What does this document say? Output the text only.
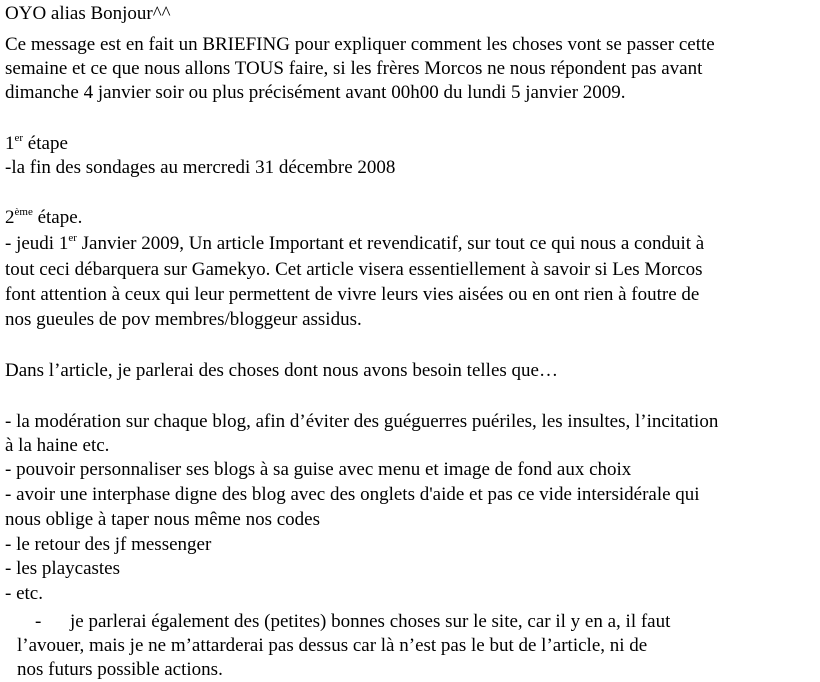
OYO alias Bonjour^^
Ce message est en fait un BRIEFING pour expliquer comment les choses vont se passer cette
semaine et ce que nous allons TOUS faire, si les frères Morcos ne nous répondent pas avant
dimanche 4 janvier soir ou plus précisément avant 00h00 du lundi 5 janvier 2009.
1er étape
-la fin des sondages au mercredi 31 décembre 2008
2ème étape.
- jeudi 1er Janvier 2009, Un article Important et revendicatif, sur tout ce qui nous a conduit à
tout ceci débarquera sur Gamekyo. Cet article visera essentiellement à savoir si Les Morcos
font attention à ceux qui leur permettent de vivre leurs vies aisées ou en ont rien à foutre de
nos gueules de pov membres/bloggeur assidus.
Dans l’article, je parlerai des choses dont nous avons besoin telles que…
- la modération sur chaque blog, afin d’éviter des guéguerres puériles, les insultes, l’incitation
à la haine etc.
- pouvoir personnaliser ses blogs à sa guise avec menu et image de fond aux choix
- avoir une interphase digne des blog avec des onglets d'aide et pas ce vide intersidérale qui
nous oblige à taper nous même nos codes
- le retour des jf messenger
- les playcastes
- etc.
- je parlerai également des (petites) bonnes choses sur le site, car il y en a, il faut
l’avouer, mais je ne m’attarderai pas dessus car là n’est pas le but de l’article, ni de
nos futurs possible actions.
